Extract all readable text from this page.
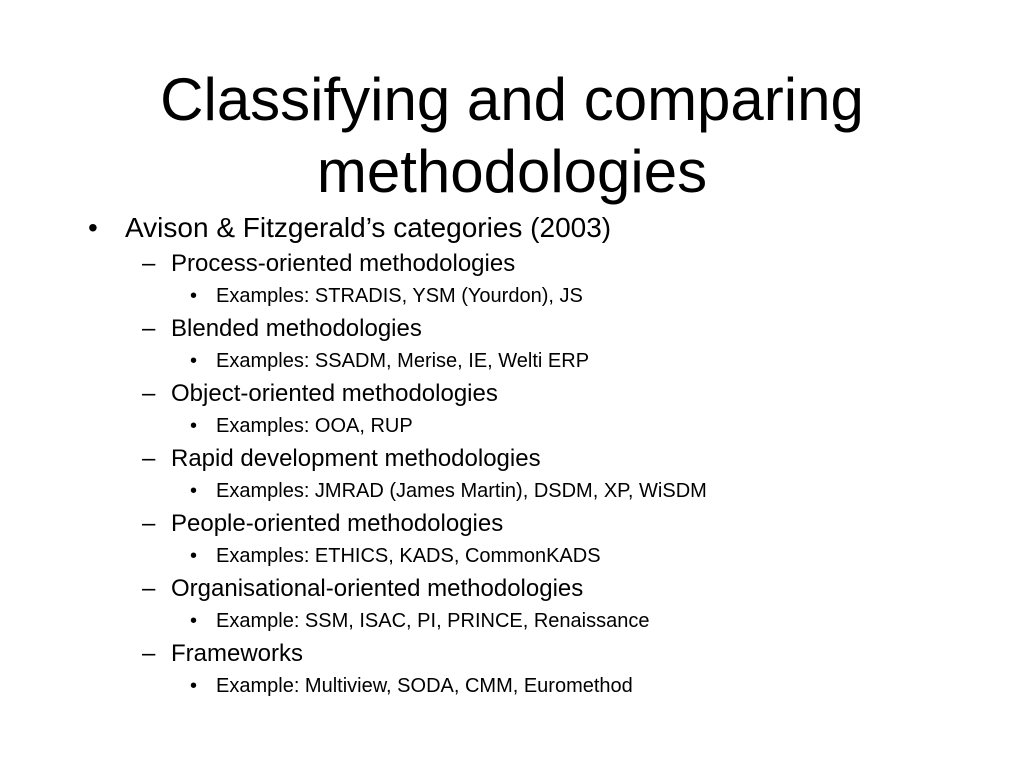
Classifying and comparing
methodologies
• Avison & Fitzgerald’s categories (2003)
– Process-oriented methodologies
• Examples: STRADIS, YSM (Yourdon), JS
– Blended methodologies
• Examples: SSADM, Merise, IE, Welti ERP
– Object-oriented methodologies
• Examples: OOA, RUP
– Rapid development methodologies
• Examples: JMRAD (James Martin), DSDM, XP, WiSDM
– People-oriented methodologies
• Examples: ETHICS, KADS, CommonKADS
– Organisational-oriented methodologies
• Example: SSM, ISAC, PI, PRINCE, Renaissance
– Frameworks
• Example: Multiview, SODA, CMM, Euromethod
